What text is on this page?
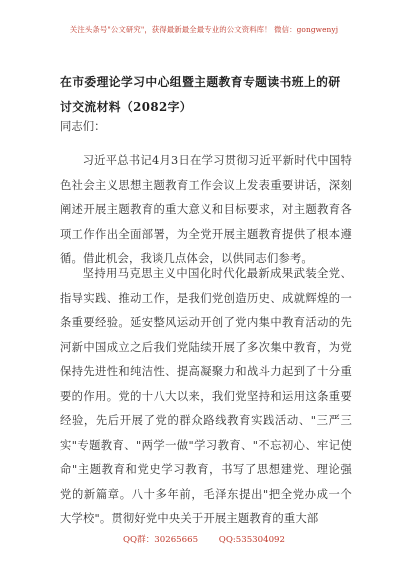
关注头条号"公文研究"，获得最新最全最专业的公文资料库！ 微信：gongwenyj
在市委理论学习中心组暨主题教育专题读书班上的研讨交流材料（2082字）
同志们：

习近平总书记4月3日在学习贯彻习近平新时代中国特色社会主义思想主题教育工作会议上发表重要讲话，深刻阐述开展主题教育的重大意义和目标要求，对主题教育各项工作作出全面部署，为全党开展主题教育提供了根本遵循。借此机会，我谈几点体会，以供同志们参考。

坚持用马克思主义中国化时代化最新成果武装全党、指导实践、推动工作，是我们党创造历史、成就辉煌的一条重要经验。延安整风运动开创了党内集中教育活动的先河新中国成立之后我们党陆续开展了多次集中教育，为党保持先进性和纯洁性、提高凝聚力和战斗力起到了十分重要的作用。党的十八大以来，我们党坚持和运用这条重要经验，先后开展了党的群众路线教育实践活动、"三严三实"专题教育、"两学一做"学习教育、"不忘初心、牢记使命"主题教育和党史学习教育，书写了思想建党、理论强党的新篇章。八十多年前，毛泽东提出"把全党办成一个大学校"。贯彻好党中央关于开展主题教育的重大部

QQ群：30265665 QQ:535304092
